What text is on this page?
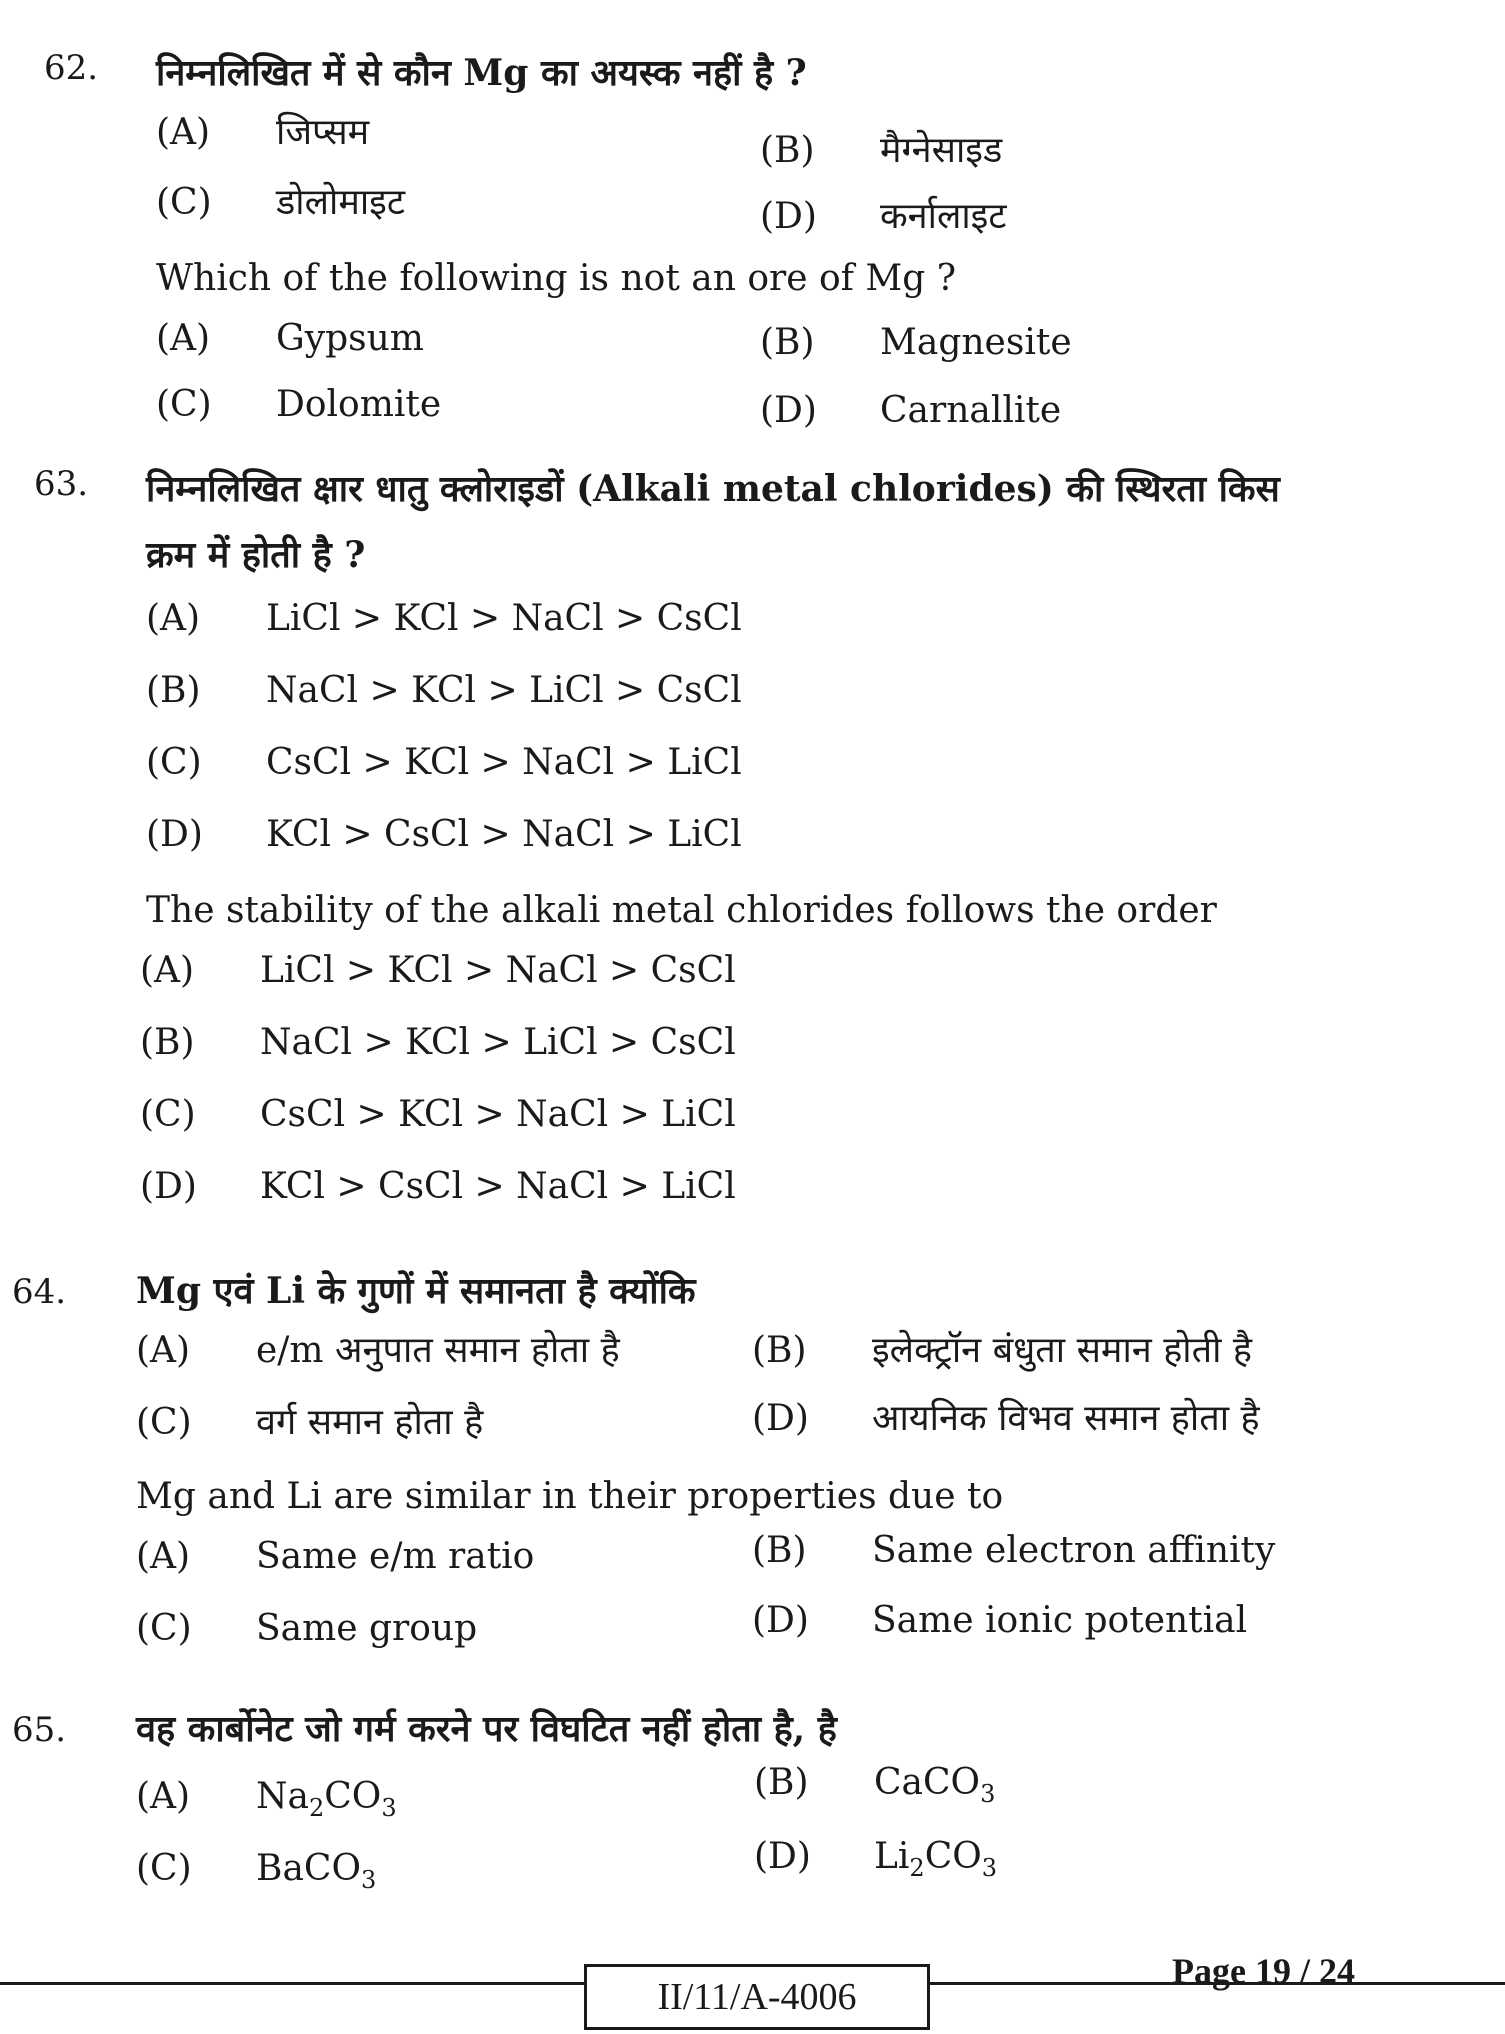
62. निम्नलिखित में से कौन Mg का अयस्क नहीं है ?
(A) जिप्सम	(B) मैग्नेसाइड
(C) डोलोमाइट	(D) कर्नालाइट
Which of the following is not an ore of Mg ?
(A) Gypsum	(B) Magnesite
(C) Dolomite	(D) Carnallite
63. निम्नलिखित क्षार धातु क्लोराइडों (Alkali metal chlorides) की स्थिरता किस
क्रम में होती है ?
(A) LiCl > KCl > NaCl > CsCl
(B) NaCl > KCl > LiCl > CsCl
(C) CsCl > KCl > NaCl > LiCl
(D) KCl > CsCl > NaCl > LiCl
The stability of the alkali metal chlorides follows the order
(A) LiCl > KCl > NaCl > CsCl
(B) NaCl > KCl > LiCl > CsCl
(C) CsCl > KCl > NaCl > LiCl
(D) KCl > CsCl > NaCl > LiCl
64. Mg एवं Li के गुणों में समानता है क्योंकि
(A) e/m अनुपात समान होता है	(B) इलेक्ट्रॉन बंधुता समान होती है
(C) वर्ग समान होता है	(D) आयनिक विभव समान होता है
Mg and Li are similar in their properties due to
(A) Same e/m ratio	(B) Same electron affinity
(C) Same group	(D) Same ionic potential
65. वह कार्बोनेट जो गर्म करने पर विघटित नहीं होता है, है
(A) $Na_2CO_3$
(B) CaCO$_3$
(C) BaCO$_3$
(D) $Li_2CO_3$
II/11/A-4006
Page 19 / 24
